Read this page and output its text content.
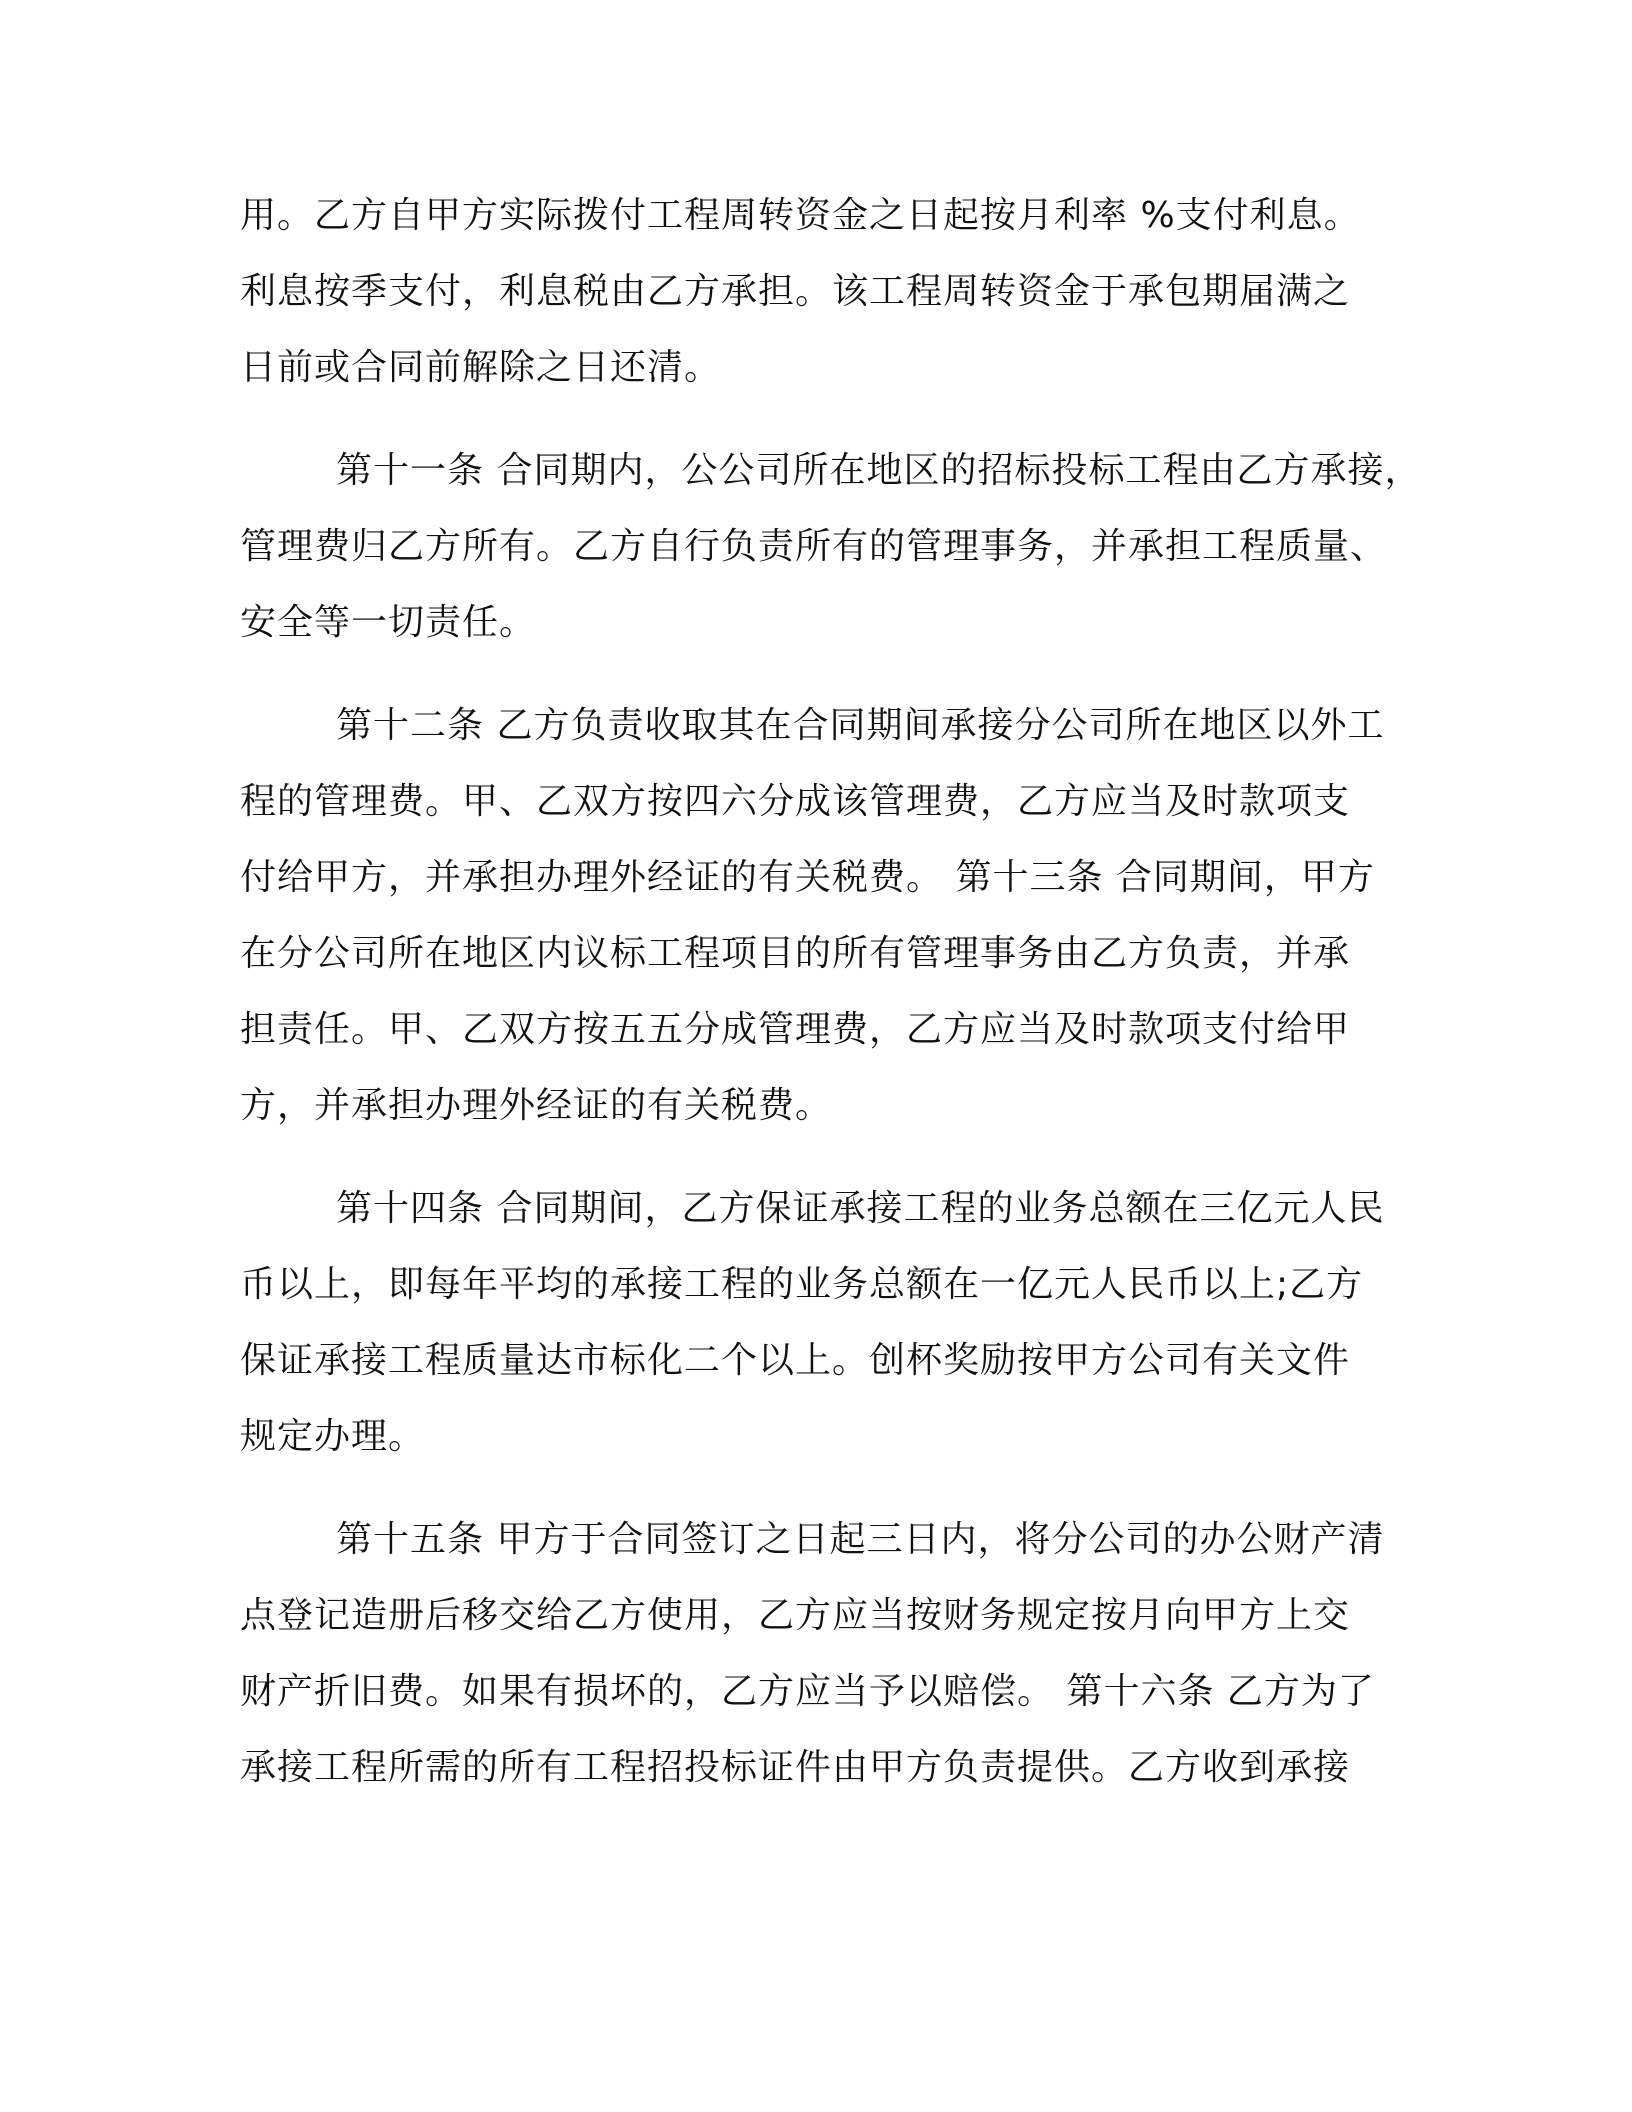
用。乙方自甲方实际拨付工程周转资金之日起按月利率 %支付利息。
利息按季支付，利息税由乙方承担。该工程周转资金于承包期届满之
日前或合同前解除之日还清。
第十一条 合同期内，公公司所在地区的招标投标工程由乙方承接，
管理费归乙方所有。乙方自行负责所有的管理事务，并承担工程质量、
安全等一切责任。
第十二条 乙方负责收取其在合同期间承接分公司所在地区以外工
程的管理费。甲、乙双方按四六分成该管理费，乙方应当及时款项支
付给甲方，并承担办理外经证的有关税费。 第十三条 合同期间，甲方
在分公司所在地区内议标工程项目的所有管理事务由乙方负责，并承
担责任。甲、乙双方按五五分成管理费，乙方应当及时款项支付给甲
方，并承担办理外经证的有关税费。
第十四条 合同期间，乙方保证承接工程的业务总额在三亿元人民
币以上，即每年平均的承接工程的业务总额在一亿元人民币以上;乙方
保证承接工程质量达市标化二个以上。创杯奖励按甲方公司有关文件
规定办理。
第十五条 甲方于合同签订之日起三日内，将分公司的办公财产清
点登记造册后移交给乙方使用，乙方应当按财务规定按月向甲方上交
财产折旧费。如果有损坏的，乙方应当予以赔偿。 第十六条 乙方为了
承接工程所需的所有工程招投标证件由甲方负责提供。乙方收到承接
